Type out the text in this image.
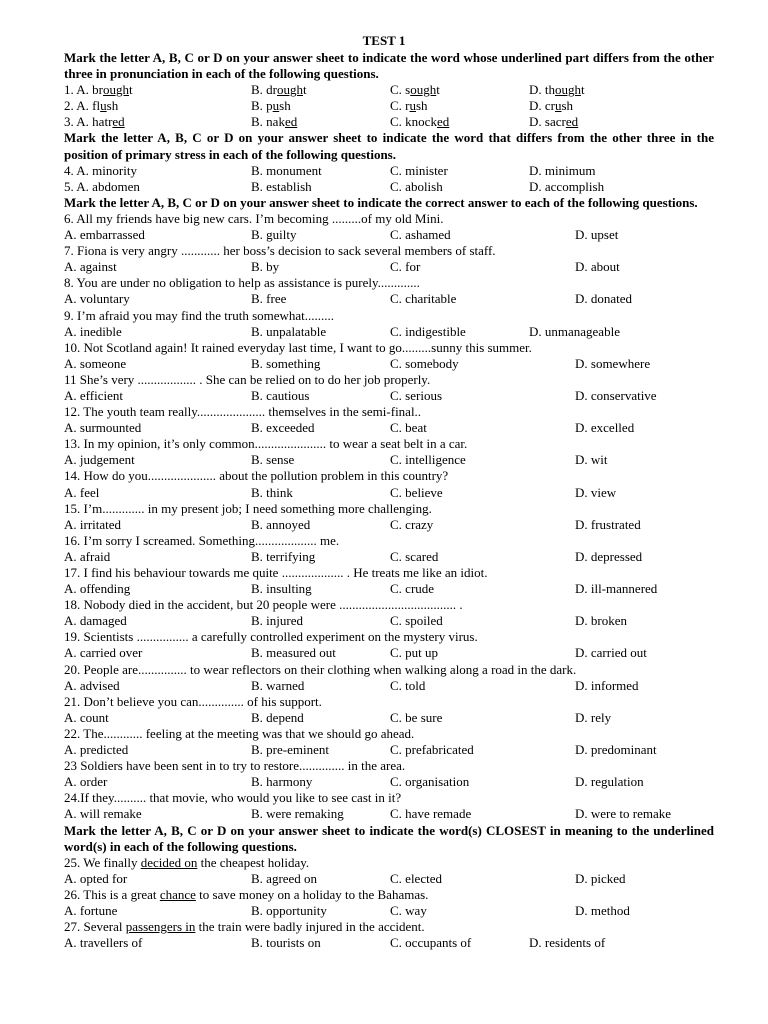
TEST 1
Mark the letter A, B, C or D on your answer sheet to indicate the word whose underlined part differs from the other three in pronunciation in each of the following questions.
1. A. brought	B. drought	C. sought	D. thought
2. A. flush	B. push	C. rush	D. crush
3. A. hatred	B. naked	C. knocked	D. sacred
Mark the letter A, B, C or D on your answer sheet to indicate the word that differs from the other three in the position of primary stress in each of the following questions.
4. A. minority	B. monument	C. minister	D. minimum
5. A. abdomen	B. establish	C. abolish	D. accomplish
Mark the letter A, B, C or D on your answer sheet to indicate the correct answer to each of the following questions.
6. All my friends have big new cars. I’m becoming .........of my old Mini.
A. embarrassed	B. guilty	C. ashamed	D. upset
7. Fiona is very angry ............ her boss’s decision to sack several members of staff.
A. against	B. by	C. for	D. about
8. You are under no obligation to help as assistance is purely.............
A. voluntary	B. free	C. charitable	D. donated
9. I’m afraid you may find the truth somewhat.........
A. inedible	B. unpalatable	C. indigestible	D. unmanageable
10. Not Scotland again! It rained everyday last time, I want to go.........sunny this summer.
A. someone	B. something	C. somebody	D. somewhere
11 She’s very .................. . She can be relied on to do her job properly.
A. efficient	B. cautious	C. serious	D. conservative
12. The youth team really..................... themselves in the semi-final..
A. surmounted	B. exceeded	C. beat	D. excelled
13. In my opinion, it’s only common...................... to wear a seat belt in a car.
A. judgement	B. sense	C. intelligence	D. wit
14. How do you..................... about the pollution problem in this country?
A. feel	B. think	C. believe	D. view
15. I’m............. in my present job; I need something more challenging.
A. irritated	B. annoyed	C. crazy	D. frustrated
16. I’m sorry I screamed. Something................... me.
A. afraid	B. terrifying	C. scared	D. depressed
17. I find his behaviour towards me quite ................... . He treats me like an idiot.
A. offending	B. insulting	C. crude	D. ill-mannered
18. Nobody died in the accident, but 20 people were .................................... .
A. damaged	B. injured	C. spoiled	D. broken
19. Scientists ................ a carefully controlled experiment on the mystery virus.
A. carried over	B. measured out	C. put up	D. carried out
20. People are............... to wear reflectors on their clothing when walking along a road in the dark.
A. advised	B. warned	C. told	D. informed
21. Don’t believe you can.............. of his support.
A. count	B. depend	C. be sure	D. rely
22. The............ feeling at the meeting was that we should go ahead.
A. predicted	B. pre-eminent	C. prefabricated	D. predominant
23 Soldiers have been sent in to try to restore.............. in the area.
A. order	B. harmony	C. organisation	D. regulation
24.If they.......... that movie, who would you like to see cast in it?
A. will remake	B. were remaking	C. have remade	D. were to remake
Mark the letter A, B, C or D on your answer sheet to indicate the word(s) CLOSEST in meaning to the underlined word(s) in each of the following questions.
25. We finally decided on the cheapest holiday.
A. opted for	B. agreed on	C. elected	D. picked
26. This is a great chance to save money on a holiday to the Bahamas.
A. fortune	B. opportunity	C. way	D. method
27. Several passengers in the train were badly injured in the accident.
A. travellers of	B. tourists on	C. occupants of	D. residents of
